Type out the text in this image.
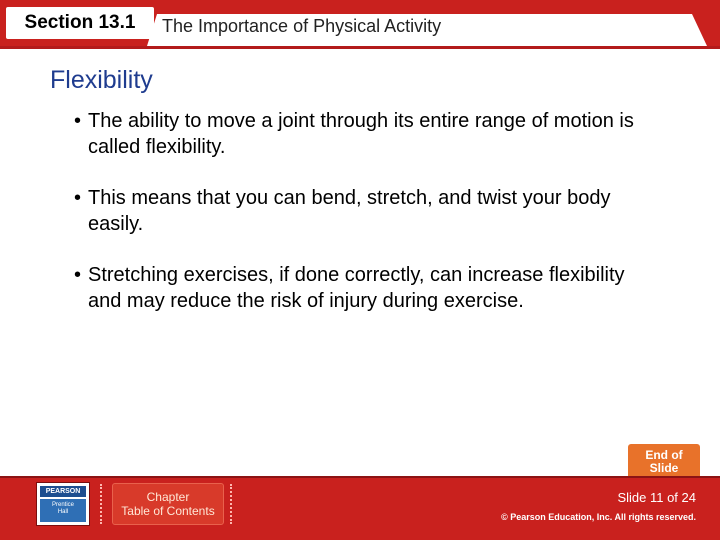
Section 13.1 The Importance of Physical Activity
Flexibility
• The ability to move a joint through its entire range of motion is called flexibility.
• This means that you can bend, stretch, and twist your body easily.
• Stretching exercises, if done correctly, can increase flexibility and may reduce the risk of injury during exercise.
End of
Slide
PEARSON
Prentice
Hall
Chapter
Table of Contents
Slide 11 of 24
© Pearson Education, Inc. All rights reserved.
